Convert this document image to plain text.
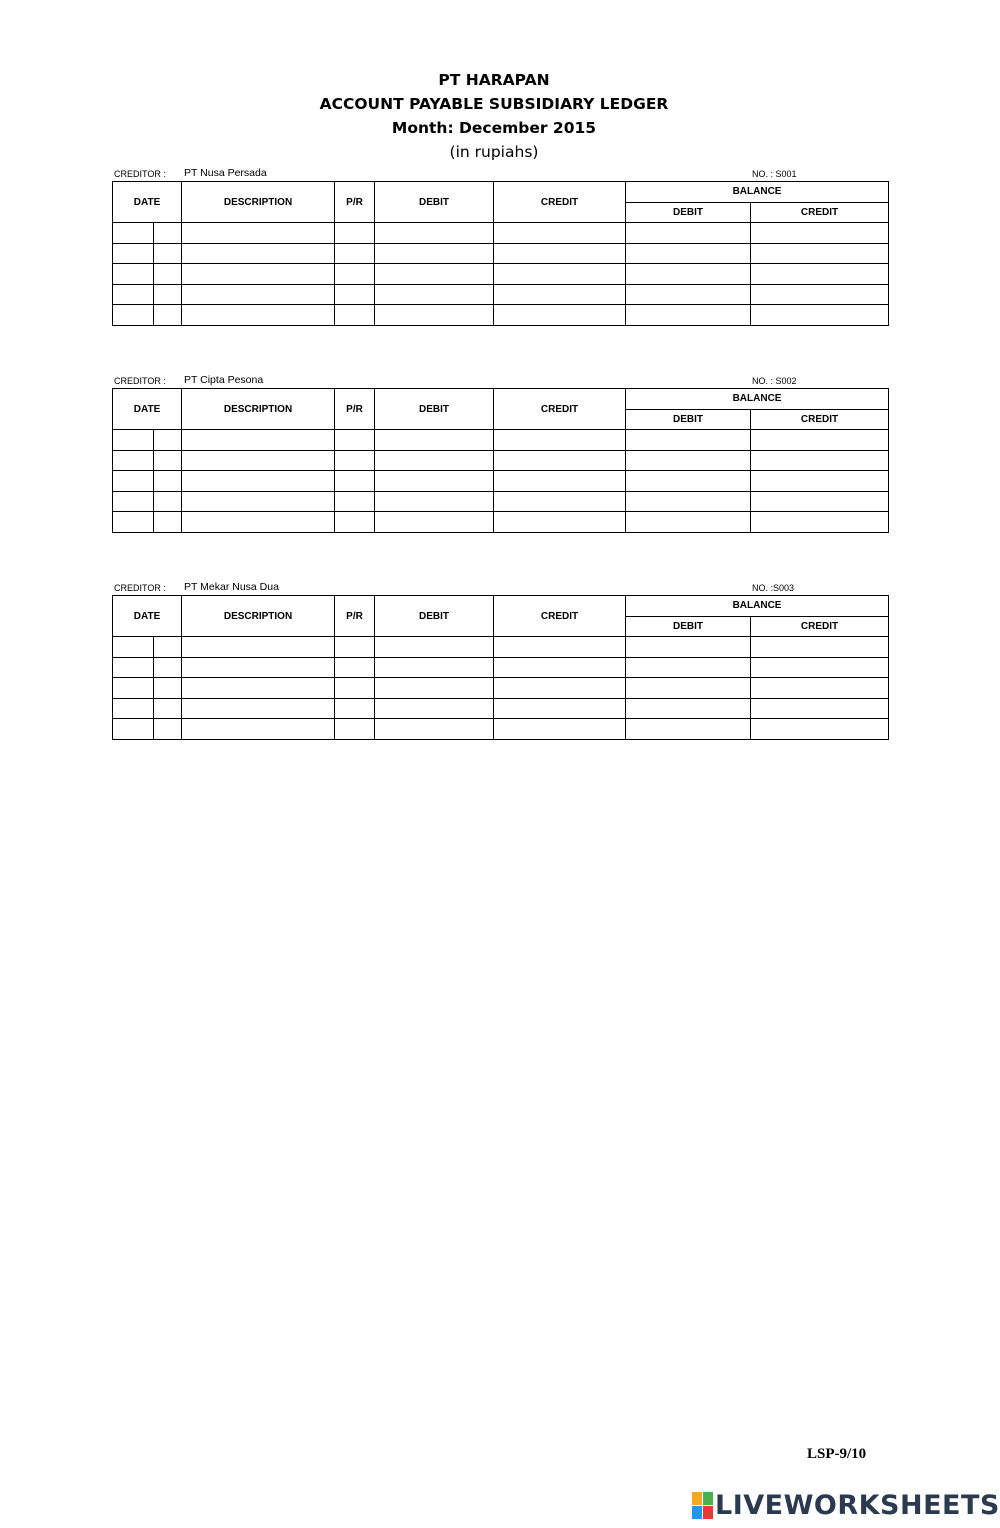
PT HARAPAN
ACCOUNT PAYABLE SUBSIDIARY LEDGER
Month: December 2015
(in rupiahs)
CREDITOR : PT Nusa Persada	NO. : S001
DATE		DESCRIPTION	P/R	DEBIT	CREDIT	BALANCE	
						DEBIT	CREDIT

CREDITOR : PT Cipta Pesona	NO. : S002
DATE		DESCRIPTION	P/R	DEBIT	CREDIT	BALANCE	
						DEBIT	CREDIT

CREDITOR : PT Mekar Nusa Dua	NO. :S003
DATE		DESCRIPTION	P/R	DEBIT	CREDIT	BALANCE	
						DEBIT	CREDIT

LSP-9/10
LIVEWORKSHEETS
